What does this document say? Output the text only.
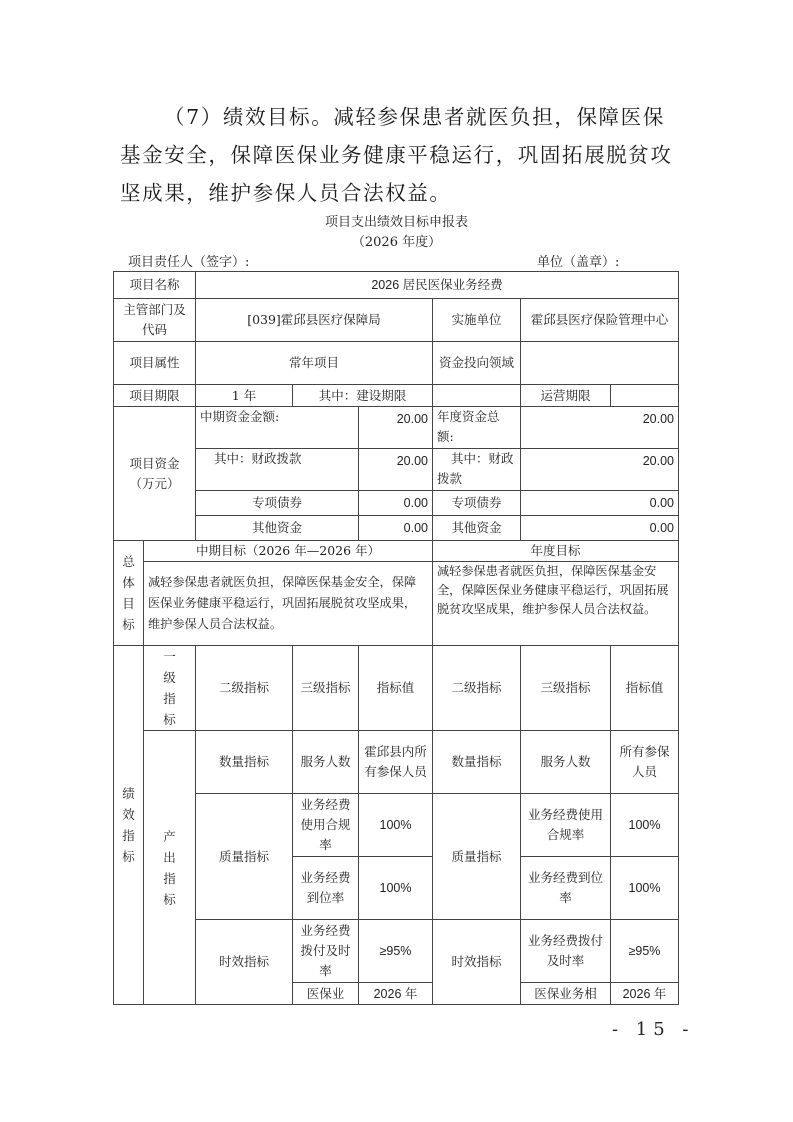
（7）绩效目标。减轻参保患者就医负担，保障医保基金安全，保障医保业务健康平稳运行，巩固拓展脱贫攻坚成果，维护参保人员合法权益。
项目支出绩效目标申报表
（2026 年度）
项目责任人（签字）:	单位（盖章）:
项目名称		2026 居民医保业务经费					
主管部门及代码		[039]霍邱县医疗保障局			实施单位	霍邱县医疗保险管理中心	
项目属性		常年项目			资金投向领域		
项目期限		1 年	其中：建设期限			运营期限	
项目资金（万元）		中期资金金额:		20.00	年度资金总额:	20.00	
		其中：财政拨款		20.00	其中：财政拨款	20.00	
		专项债券		0.00	专项债券	0.00	
		其他资金		0.00	其他资金	0.00	

总体目标	中期目标（2026 年—2026 年）				年度目标		
	减轻参保患者就医负担，保障医保基金安全，保障医保业务健康平稳运行，巩固拓展脱贫攻坚成果，维护参保人员合法权益。				减轻参保患者就医负担，保障医保基金安全，保障医保业务健康平稳运行，巩固拓展脱贫攻坚成果，维护参保人员合法权益。		

绩效指标	一级指标	二级指标	三级指标	指标值	二级指标	三级指标	指标值

	产出指标	数量指标	服务人数	霍邱县内所有参保人员	数量指标	服务人数	所有参保人员
		质量指标	业务经费使用合规率	100%	质量指标	业务经费使用合规率	100%
			业务经费到位率	100%		业务经费到位率	100%
		时效指标	业务经费拨付及时率	≥95%	时效指标	业务经费拨付及时率	≥95%
			医保业	2026 年		医保业务相	2026 年
- 15 -
